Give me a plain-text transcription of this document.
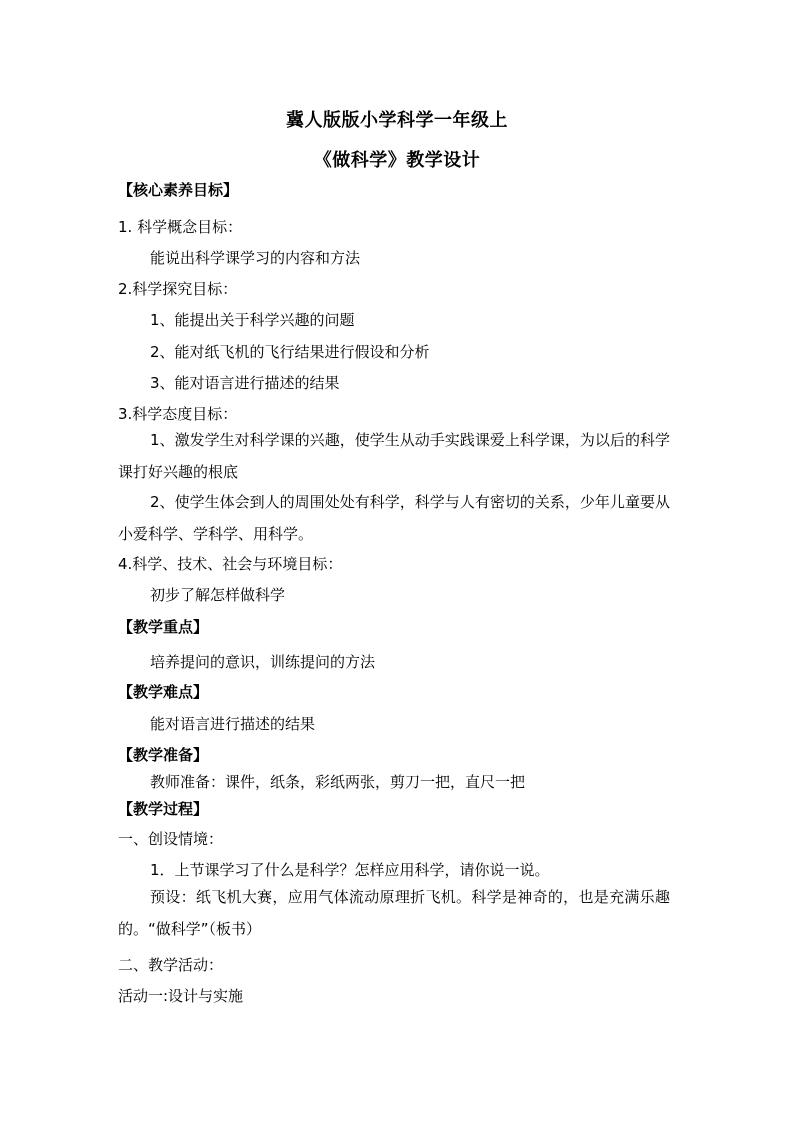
冀人版版小学科学一年级上
《做科学》教学设计
【核心素养目标】
1. 科学概念目标：
能说出科学课学习的内容和方法
2.科学探究目标：
1、能提出关于科学兴趣的问题
2、能对纸飞机的飞行结果进行假设和分析
3、能对语言进行描述的结果
3.科学态度目标：
1、激发学生对科学课的兴趣，使学生从动手实践课爱上科学课，为以后的科学课打好兴趣的根底
2、使学生体会到人的周围处处有科学，科学与人有密切的关系，少年儿童要从小爱科学、学科学、用科学。
4.科学、技术、社会与环境目标：
初步了解怎样做科学
【教学重点】
培养提问的意识，训练提问的方法
【教学难点】
能对语言进行描述的结果
【教学准备】
教师准备：课件，纸条，彩纸两张，剪刀一把，直尺一把
【教学过程】
一、创设情境：
1．上节课学习了什么是科学？怎样应用科学，请你说一说。
预设：纸飞机大赛，应用气体流动原理折飞机。科学是神奇的，也是充满乐趣的。“做科学”（板书）
二、教学活动：
活动一:设计与实施
